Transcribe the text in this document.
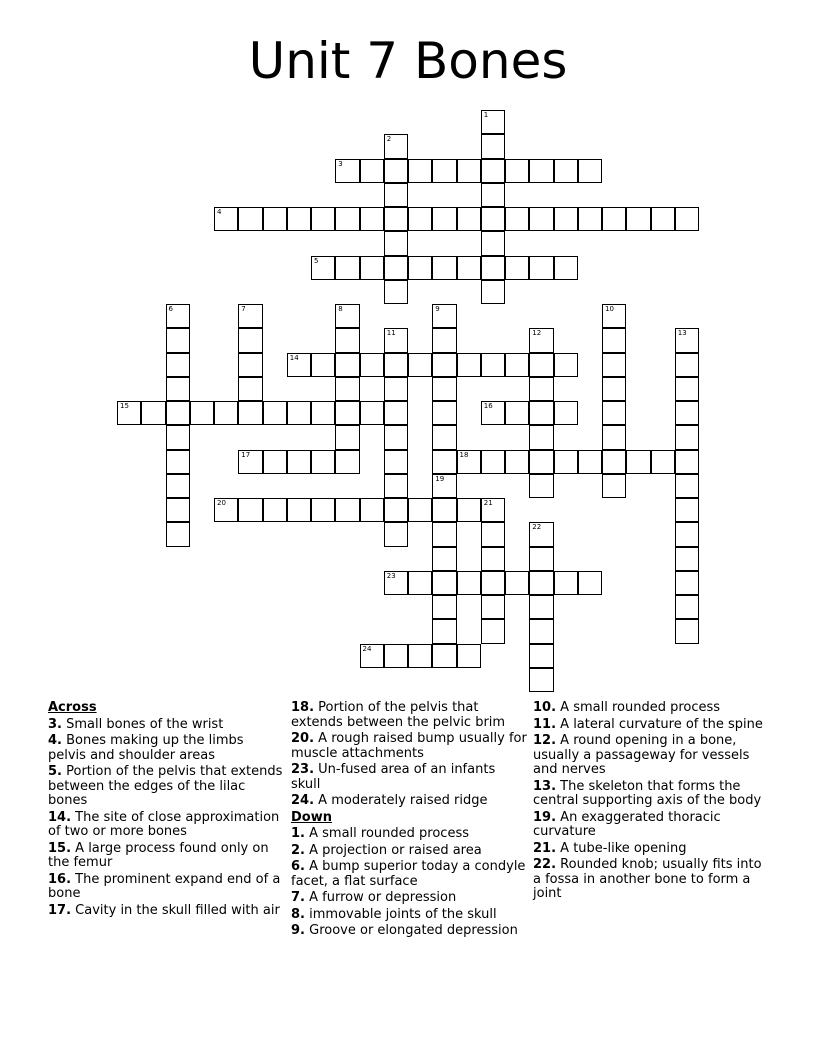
Unit 7 Bones
3
4
5
14
15	16
17	18
20	21
23
24
1
2
6	7	8	9	10
11	12	13
19
22
Across
3. Small bones of the wrist
4. Bones making up the limbs pelvis and shoulder areas
5. Portion of the pelvis that extends between the edges of the lilac bones
14. The site of close approximation of two or more bones
15. A large process found only on the femur
16. The prominent expand end of a bone
17. Cavity in the skull filled with air
18. Portion of the pelvis that extends between the pelvic brim
20. A rough raised bump usually for muscle attachments
23. Un-fused area of an infants skull
24. A moderately raised ridge
Down
1. A small rounded process
2. A projection or raised area
6. A bump superior today a condyle facet, a flat surface
7. A furrow or depression
8. immovable joints of the skull
9. Groove or elongated depression
10. A small rounded process
11. A lateral curvature of the spine
12. A round opening in a bone, usually a passageway for vessels and nerves
13. The skeleton that forms the central supporting axis of the body
19. An exaggerated thoracic curvature
21. A tube-like opening
22. Rounded knob; usually fits into a fossa in another bone to form a joint
